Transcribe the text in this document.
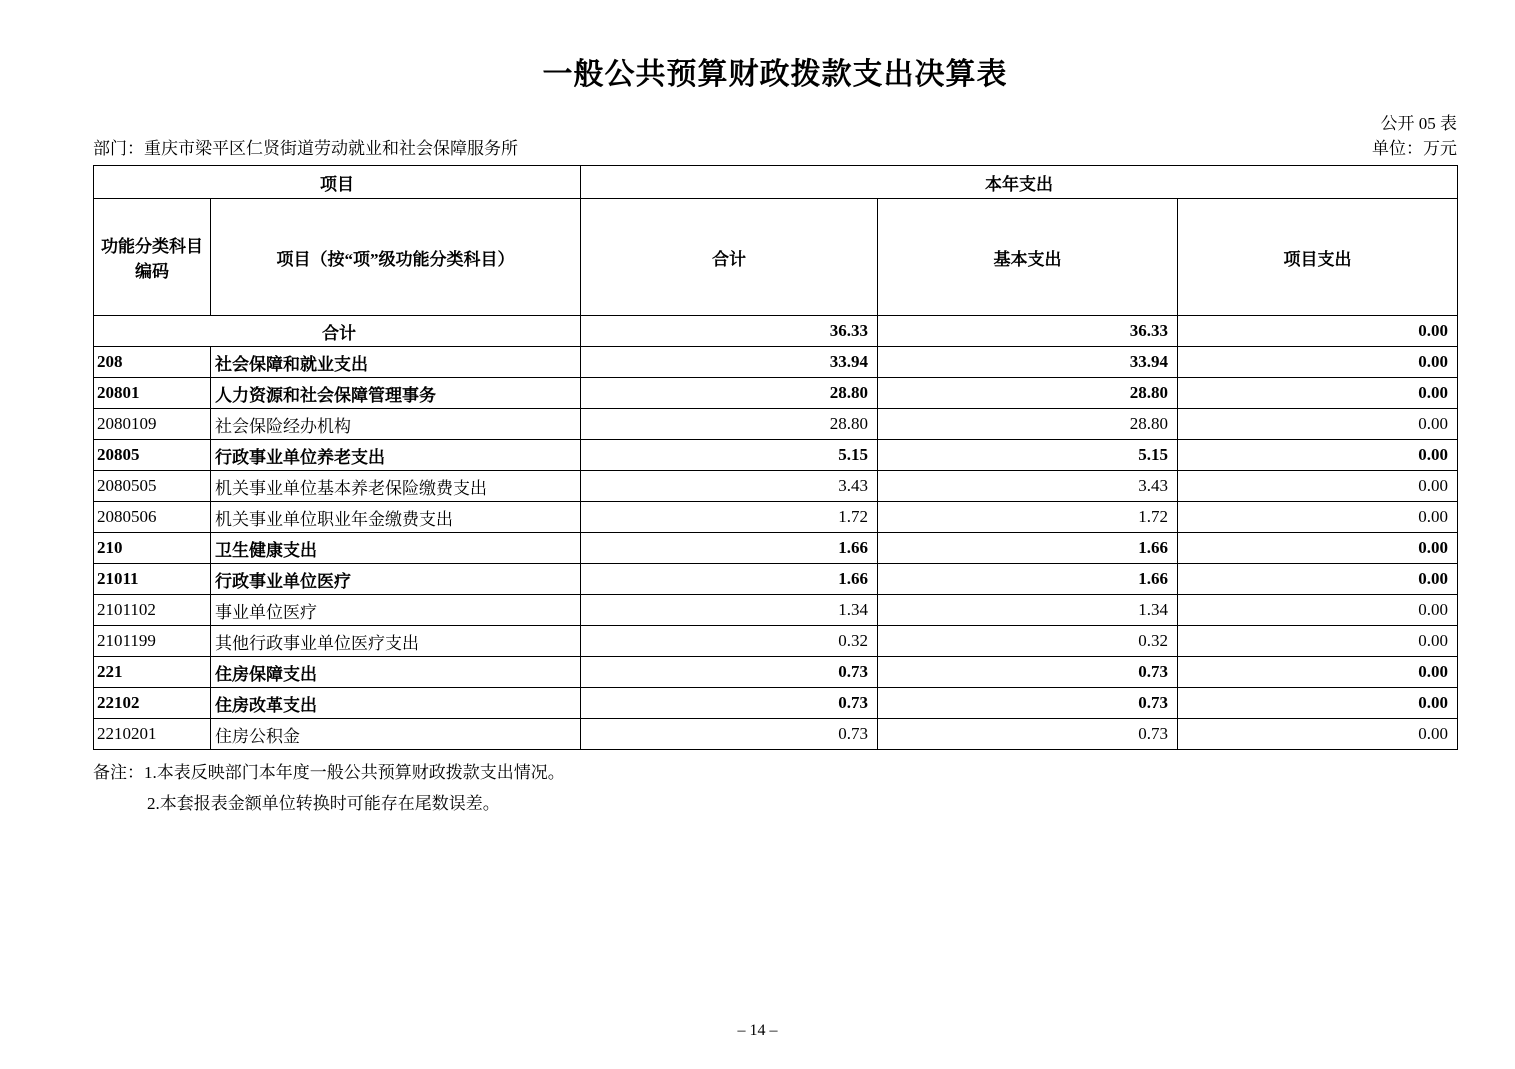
一般公共预算财政拨款支出决算表
公开 05 表
部门：重庆市梁平区仁贤街道劳动就业和社会保障服务所	单位：万元
项目		本年支出		

功能分类科目
编码	项目（按“项”级功能分类科目）	合计	基本支出	项目支出
合计		36.33	36.33	0.00
208	社会保障和就业支出	33.94	33.94	0.00
20801	人力资源和社会保障管理事务	28.80	28.80	0.00
2080109	社会保险经办机构	28.80	28.80	0.00
20805	行政事业单位养老支出	5.15	5.15	0.00
2080505	机关事业单位基本养老保险缴费支出	3.43	3.43	0.00
2080506	机关事业单位职业年金缴费支出	1.72	1.72	0.00
210	卫生健康支出	1.66	1.66	0.00
21011	行政事业单位医疗	1.66	1.66	0.00
2101102	事业单位医疗	1.34	1.34	0.00
2101199	其他行政事业单位医疗支出	0.32	0.32	0.00
221	住房保障支出	0.73	0.73	0.00
22102	住房改革支出	0.73	0.73	0.00
2210201	住房公积金	0.73	0.73	0.00
备注：1.本表反映部门本年度一般公共预算财政拨款支出情况。
2.本套报表金额单位转换时可能存在尾数误差。
– 14 –
